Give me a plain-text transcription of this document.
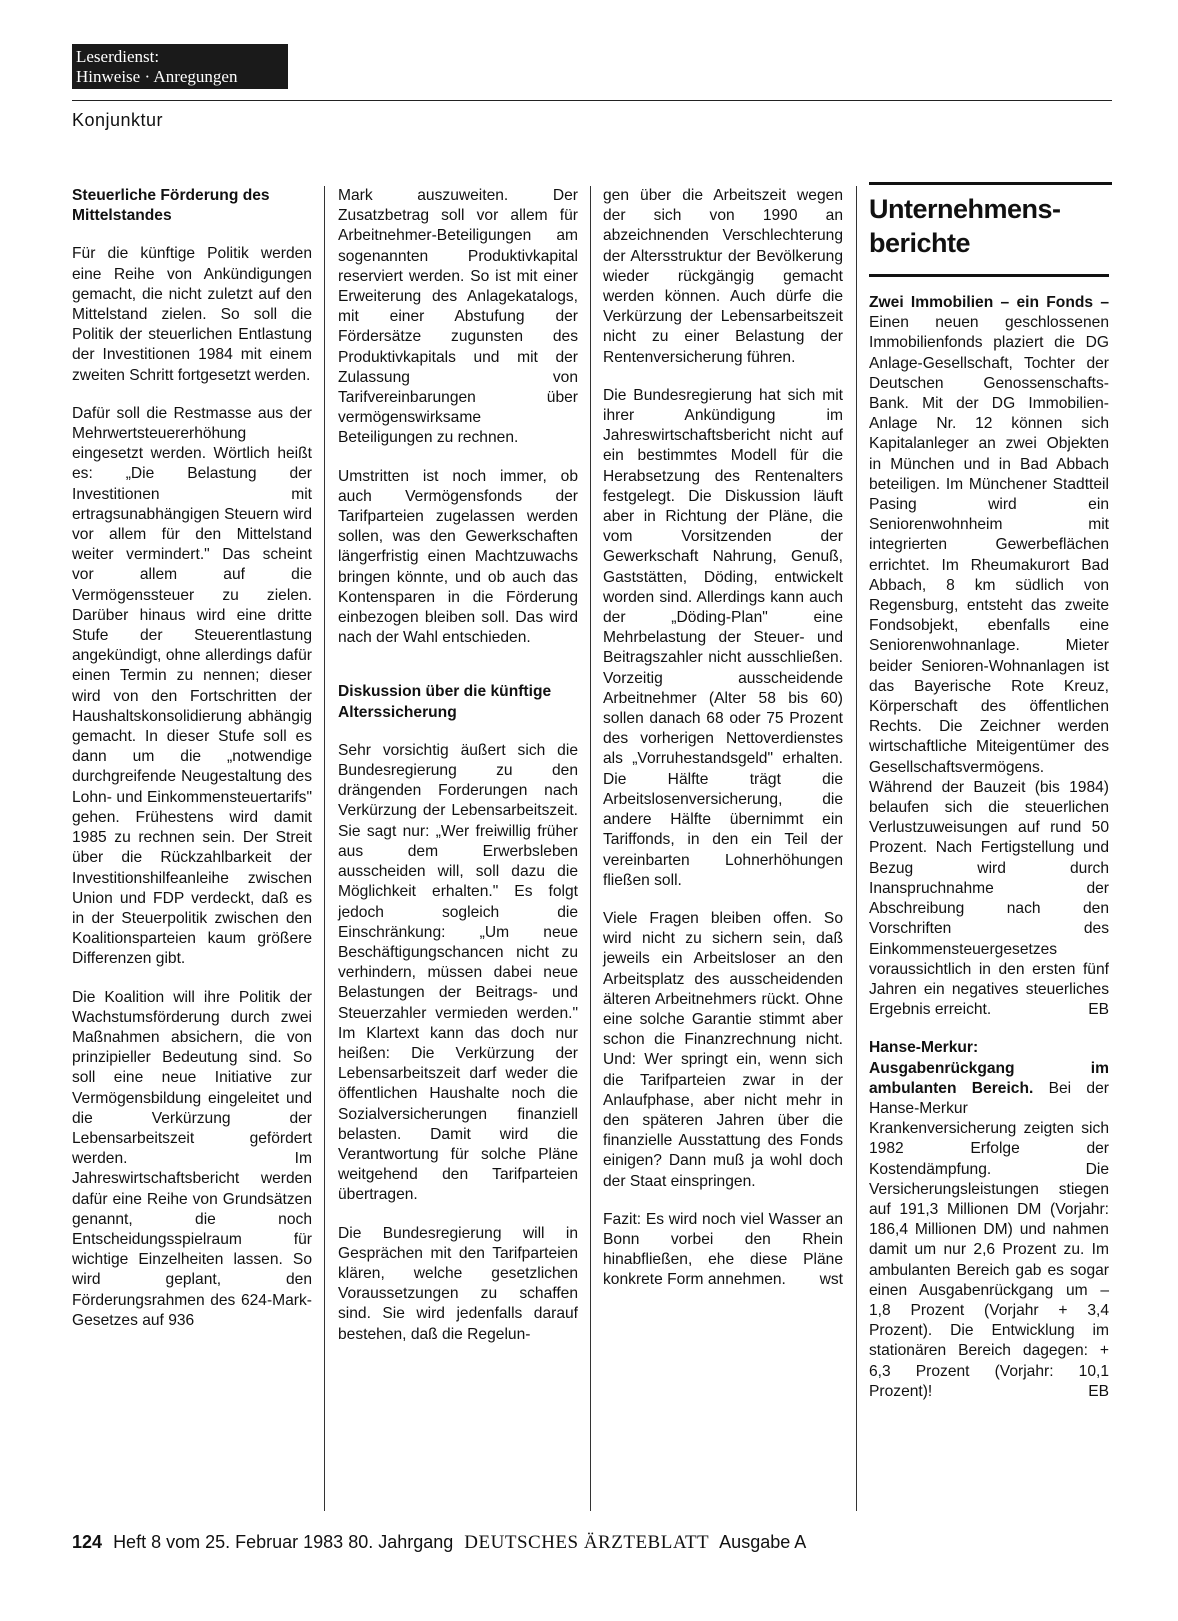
Leserdienst:
Hinweise · Anregungen
Konjunktur
Steuerliche Förderung des Mittelstandes

Für die künftige Politik werden eine Reihe von Ankündigungen gemacht, die nicht zuletzt auf den Mittelstand zielen. So soll die Politik der steuerlichen Entlastung der Investitionen 1984 mit einem zweiten Schritt fortgesetzt werden.

Dafür soll die Restmasse aus der Mehrwertsteuererhöhung eingesetzt werden. Wörtlich heißt es: „Die Belastung der Investitionen mit ertragsunabhängigen Steuern wird vor allem für den Mittelstand weiter vermindert." Das scheint vor allem auf die Vermögenssteuer zu zielen. Darüber hinaus wird eine dritte Stufe der Steuerentlastung angekündigt, ohne allerdings dafür einen Termin zu nennen; dieser wird von den Fortschritten der Haushaltskonsolidierung abhängig gemacht. In dieser Stufe soll es dann um die „notwendige durchgreifende Neugestaltung des Lohn- und Einkommensteuertarifs" gehen. Frühestens wird damit 1985 zu rechnen sein. Der Streit über die Rückzahlbarkeit der Investitionshilfeanleihe zwischen Union und FDP verdeckt, daß es in der Steuerpolitik zwischen den Koalitionsparteien kaum größere Differenzen gibt.

Die Koalition will ihre Politik der Wachstumsförderung durch zwei Maßnahmen absichern, die von prinzipieller Bedeutung sind. So soll eine neue Initiative zur Vermögensbildung eingeleitet und die Verkürzung der Lebensarbeitszeit gefördert werden. Im Jahreswirtschaftsbericht werden dafür eine Reihe von Grundsätzen genannt, die noch Entscheidungsspielraum für wichtige Einzelheiten lassen. So wird geplant, den Förderungsrahmen des 624-Mark-Gesetzes auf 936

Mark auszuweiten. Der Zusatzbetrag soll vor allem für Arbeitnehmer-Beteiligungen am sogenannten Produktivkapital reserviert werden. So ist mit einer Erweiterung des Anlagekatalogs, mit einer Abstufung der Fördersätze zugunsten des Produktivkapitals und mit der Zulassung von Tarifvereinbarungen über vermögenswirksame Beteiligungen zu rechnen.

Umstritten ist noch immer, ob auch Vermögensfonds der Tarifparteien zugelassen werden sollen, was den Gewerkschaften längerfristig einen Machtzuwachs bringen könnte, und ob auch das Kontensparen in die Förderung einbezogen bleiben soll. Das wird nach der Wahl entschieden.

Diskussion über die künftige Alterssicherung

Sehr vorsichtig äußert sich die Bundesregierung zu den drängenden Forderungen nach Verkürzung der Lebensarbeitszeit. Sie sagt nur: „Wer freiwillig früher aus dem Erwerbsleben ausscheiden will, soll dazu die Möglichkeit erhalten." Es folgt jedoch sogleich die Einschränkung: „Um neue Beschäftigungschancen nicht zu verhindern, müssen dabei neue Belastungen der Beitrags- und Steuerzahler vermieden werden." Im Klartext kann das doch nur heißen: Die Verkürzung der Lebensarbeitszeit darf weder die öffentlichen Haushalte noch die Sozialversicherungen finanziell belasten. Damit wird die Verantwortung für solche Pläne weitgehend den Tarifparteien übertragen.

Die Bundesregierung will in Gesprächen mit den Tarifparteien klären, welche gesetzlichen Voraussetzungen zu schaffen sind. Sie wird jedenfalls darauf bestehen, daß die Regelun-

gen über die Arbeitszeit wegen der sich von 1990 an abzeichnenden Verschlechterung der Altersstruktur der Bevölkerung wieder rückgängig gemacht werden können. Auch dürfe die Verkürzung der Lebensarbeitszeit nicht zu einer Belastung der Rentenversicherung führen.

Die Bundesregierung hat sich mit ihrer Ankündigung im Jahreswirtschaftsbericht nicht auf ein bestimmtes Modell für die Herabsetzung des Rentenalters festgelegt. Die Diskussion läuft aber in Richtung der Pläne, die vom Vorsitzenden der Gewerkschaft Nahrung, Genuß, Gaststätten, Döding, entwickelt worden sind. Allerdings kann auch der „Döding-Plan" eine Mehrbelastung der Steuer- und Beitragszahler nicht ausschließen. Vorzeitig ausscheidende Arbeitnehmer (Alter 58 bis 60) sollen danach 68 oder 75 Prozent des vorherigen Nettoverdienstes als „Vorruhestandsgeld" erhalten. Die Hälfte trägt die Arbeitslosenversicherung, die andere Hälfte übernimmt ein Tariffonds, in den ein Teil der vereinbarten Lohnerhöhungen fließen soll.

Viele Fragen bleiben offen. So wird nicht zu sichern sein, daß jeweils ein Arbeitsloser an den Arbeitsplatz des ausscheidenden älteren Arbeitnehmers rückt. Ohne eine solche Garantie stimmt aber schon die Finanzrechnung nicht. Und: Wer springt ein, wenn sich die Tarifparteien zwar in der Anlaufphase, aber nicht mehr in den späteren Jahren über die finanzielle Ausstattung des Fonds einigen? Dann muß ja wohl doch der Staat einspringen.

Fazit: Es wird noch viel Wasser an Bonn vorbei den Rhein hinabfließen, ehe diese Pläne konkrete Form annehmen. wst

Unternehmens-berichte

Zwei Immobilien – ein Fonds – Einen neuen geschlossenen Immobilienfonds plaziert die DG Anlage-Gesellschaft, Tochter der Deutschen Genossenschafts-Bank. Mit der DG Immobilien-Anlage Nr. 12 können sich Kapitalanleger an zwei Objekten in München und in Bad Abbach beteiligen. Im Münchener Stadtteil Pasing wird ein Seniorenwohnheim mit integrierten Gewerbeflächen errichtet. Im Rheumakurort Bad Abbach, 8 km südlich von Regensburg, entsteht das zweite Fondsobjekt, ebenfalls eine Seniorenwohnanlage. Mieter beider Senioren-Wohnanlagen ist das Bayerische Rote Kreuz, Körperschaft des öffentlichen Rechts. Die Zeichner werden wirtschaftliche Miteigentümer des Gesellschaftsvermögens. Während der Bauzeit (bis 1984) belaufen sich die steuerlichen Verlustzuweisungen auf rund 50 Prozent. Nach Fertigstellung und Bezug wird durch Inanspruchnahme der Abschreibung nach den Vorschriften des Einkommensteuergesetzes voraussichtlich in den ersten fünf Jahren ein negatives steuerliches Ergebnis erreicht.	EB

Hanse-Merkur: Ausgabenrückgang im ambulanten Bereich. Bei der Hanse-Merkur Krankenversicherung zeigten sich 1982 Erfolge der Kostendämpfung. Die Versicherungsleistungen stiegen auf 191,3 Millionen DM (Vorjahr: 186,4 Millionen DM) und nahmen damit um nur 2,6 Prozent zu. Im ambulanten Bereich gab es sogar einen Ausgabenrückgang um – 1,8 Prozent (Vorjahr + 3,4 Prozent). Die Entwicklung im stationären Bereich dagegen: + 6,3 Prozent (Vorjahr: 10,1 Prozent)!	EB

124 Heft 8 vom 25. Februar 1983 80. Jahrgang DEUTSCHES ÄRZTEBLATT Ausgabe A
